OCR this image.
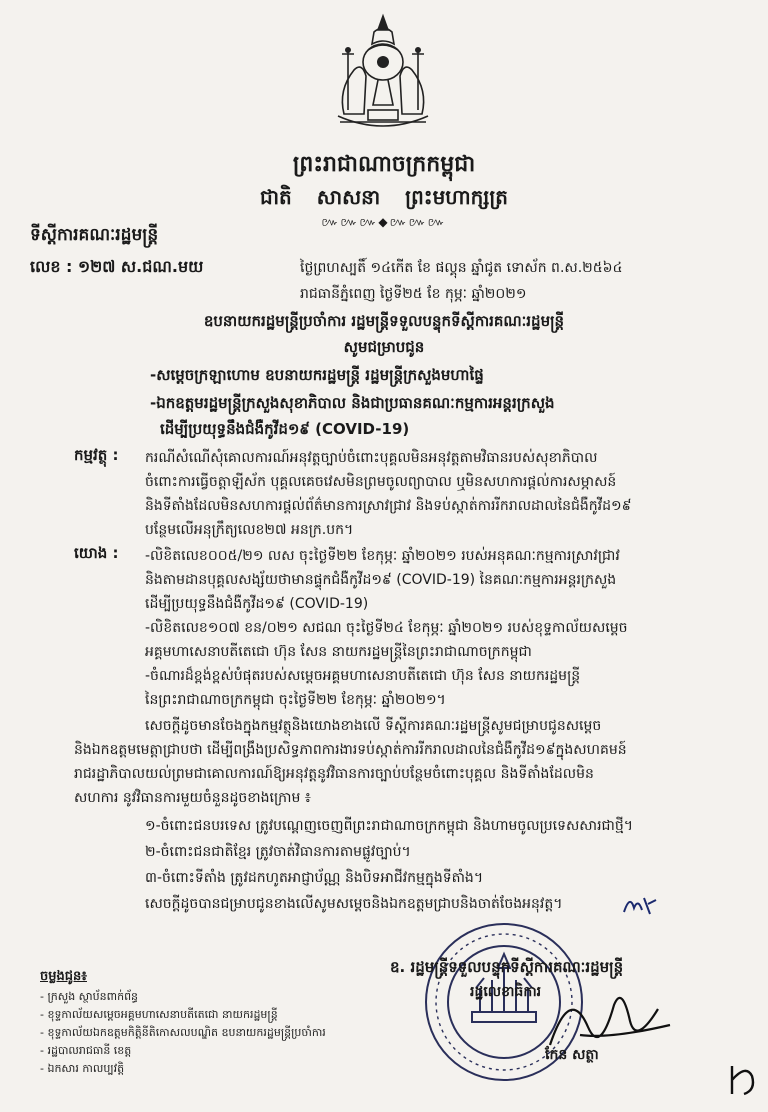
ព្រះរាជាណាចក្រកម្ពុជា
ជាតិ សាសនា ព្រះមហាក្សត្រ
៚៚៚◆៚៚៚
ទីស្ដីការគណៈរដ្ឋមន្ត្រី
លេខ : ១២៧ ស.ជណ.មយ	ថ្ងៃព្រហស្បតិ៍ ១៤កើត ខែ ផល្គុន ឆ្នាំជូត ទោស័ក ព.ស.២៥៦៤
រាជធានីភ្នំពេញ ថ្ងៃទី២៥ ខែ កុម្ភៈ ឆ្នាំ២០២១
ឧបនាយករដ្ឋមន្ត្រីប្រចាំការ រដ្ឋមន្ត្រីទទួលបន្ទុកទីស្ដីការគណៈរដ្ឋមន្ត្រី
សូមជម្រាបជូន
-សម្ដេចក្រឡាហោម ឧបនាយករដ្ឋមន្ត្រី រដ្ឋមន្ត្រីក្រសួងមហាផ្ទៃ
-ឯកឧត្ដមរដ្ឋមន្ត្រីក្រសួងសុខាភិបាល និងជាប្រធានគណៈកម្មការអន្តរក្រសួង
ដើម្បីប្រយុទ្ធនឹងជំងឺកូវីដ១៩ (COVID-19)
កម្មវត្ថុ : ករណីសំណើសុំគោលការណ៍អនុវត្តច្បាប់ចំពោះបុគ្គលមិនអនុវត្តតាមវិធានរបស់សុខាភិបាល
ចំពោះការធ្វើចត្ដាឡីស័ក បុគ្គលគេចវេសមិនព្រមចូលព្យាបាល ឬមិនសហការផ្ដល់ការសម្ភាសន៍
និងទីតាំងដែលមិនសហការផ្ដល់ព័ត៌មានការស្រាវជ្រាវ និងទប់ស្កាត់ការរីករាលដាលនៃជំងឺកូវីដ១៩
បន្ថែមលើអនុក្រឹត្យលេខ២៧ អនក្រ.បក។
យោង : -លិខិតលេខ០០៥/២១ លស ចុះថ្ងៃទី២២ ខែកុម្ភៈ ឆ្នាំ២០២១ របស់អនុគណៈកម្មការស្រាវជ្រាវ
និងតាមដានបុគ្គលសង្ស័យថាមានផ្ទុកជំងឺកូវីដ១៩ (COVID-19) នៃគណៈកម្មការអន្តរក្រសួង
ដើម្បីប្រយុទ្ធនឹងជំងឺកូវីដ១៩ (COVID-19)
-លិខិតលេខ១០៧ ខន/០២១ សជណ ចុះថ្ងៃទី២៤ ខែកុម្ភៈ ឆ្នាំ២០២១ របស់ខុទ្ទកាល័យសម្ដេច
អគ្គមហាសេនាបតីតេជោ ហ៊ុន សែន នាយករដ្ឋមន្ត្រីនៃព្រះរាជាណាចក្រកម្ពុជា
-ចំណារដ៏ខ្ពង់ខ្ពស់បំផុតរបស់សម្ដេចអគ្គមហាសេនាបតីតេជោ ហ៊ុន សែន នាយករដ្ឋមន្ត្រី
នៃព្រះរាជាណាចក្រកម្ពុជា ចុះថ្ងៃទី២២ ខែកុម្ភៈ ឆ្នាំ២០២១។
សេចក្ដីដូចមានចែងក្នុងកម្មវត្ថុនិងយោងខាងលើ ទីស្ដីការគណៈរដ្ឋមន្ត្រីសូមជម្រាបជូនសម្ដេច
និងឯកឧត្ដមមេត្តាជ្រាបថា ដើម្បីពង្រឹងប្រសិទ្ធភាពការងារទប់ស្កាត់ការរីករាលដាលនៃជំងឺកូវីដ១៩ក្នុងសហគមន៍
រាជរដ្ឋាភិបាលយល់ព្រមជាគោលការណ៍ឱ្យអនុវត្តនូវវិធានការច្បាប់បន្ថែមចំពោះបុគ្គល និងទីតាំងដែលមិន
សហការ នូវវិធានការមួយចំនួនដូចខាងក្រោម ៖
១-ចំពោះជនបរទេស ត្រូវបណ្ដេញចេញពីព្រះរាជាណាចក្រកម្ពុជា និងហាមចូលប្រទេសសារជាថ្មី។
២-ចំពោះជនជាតិខ្មែរ ត្រូវចាត់វិធានការតាមផ្លូវច្បាប់។
៣-ចំពោះទីតាំង ត្រូវដកហូតអាជ្ញាប័ណ្ណ និងបិទអាជីវកម្មក្នុងទីតាំង។
សេចក្ដីដូចបានជម្រាបជូនខាងលើសូមសម្ដេចនិងឯកឧត្ដមជ្រាបនិងចាត់ចែងអនុវត្ត។
ឧ. រដ្ឋមន្ត្រីទទួលបន្ទុកទីស្ដីការគណៈរដ្ឋមន្ត្រី
រដ្ឋលេខាធិការ
កែន សត្ថា
ចម្លងជូន៖
- ក្រសួង ស្ថាប័នពាក់ព័ន្ធ
- ខុទ្ទកាល័យសម្ដេចអគ្គមហាសេនាបតីតេជោ នាយករដ្ឋមន្ត្រី
- ខុទ្ទកាល័យឯកឧត្ដមកិត្តិនីតិកោសលបណ្ឌិត ឧបនាយករដ្ឋមន្ត្រីប្រចាំការ
- រដ្ឋបាលរាជធានី ខេត្ត
- ឯកសារ កាលប្បវត្តិ
